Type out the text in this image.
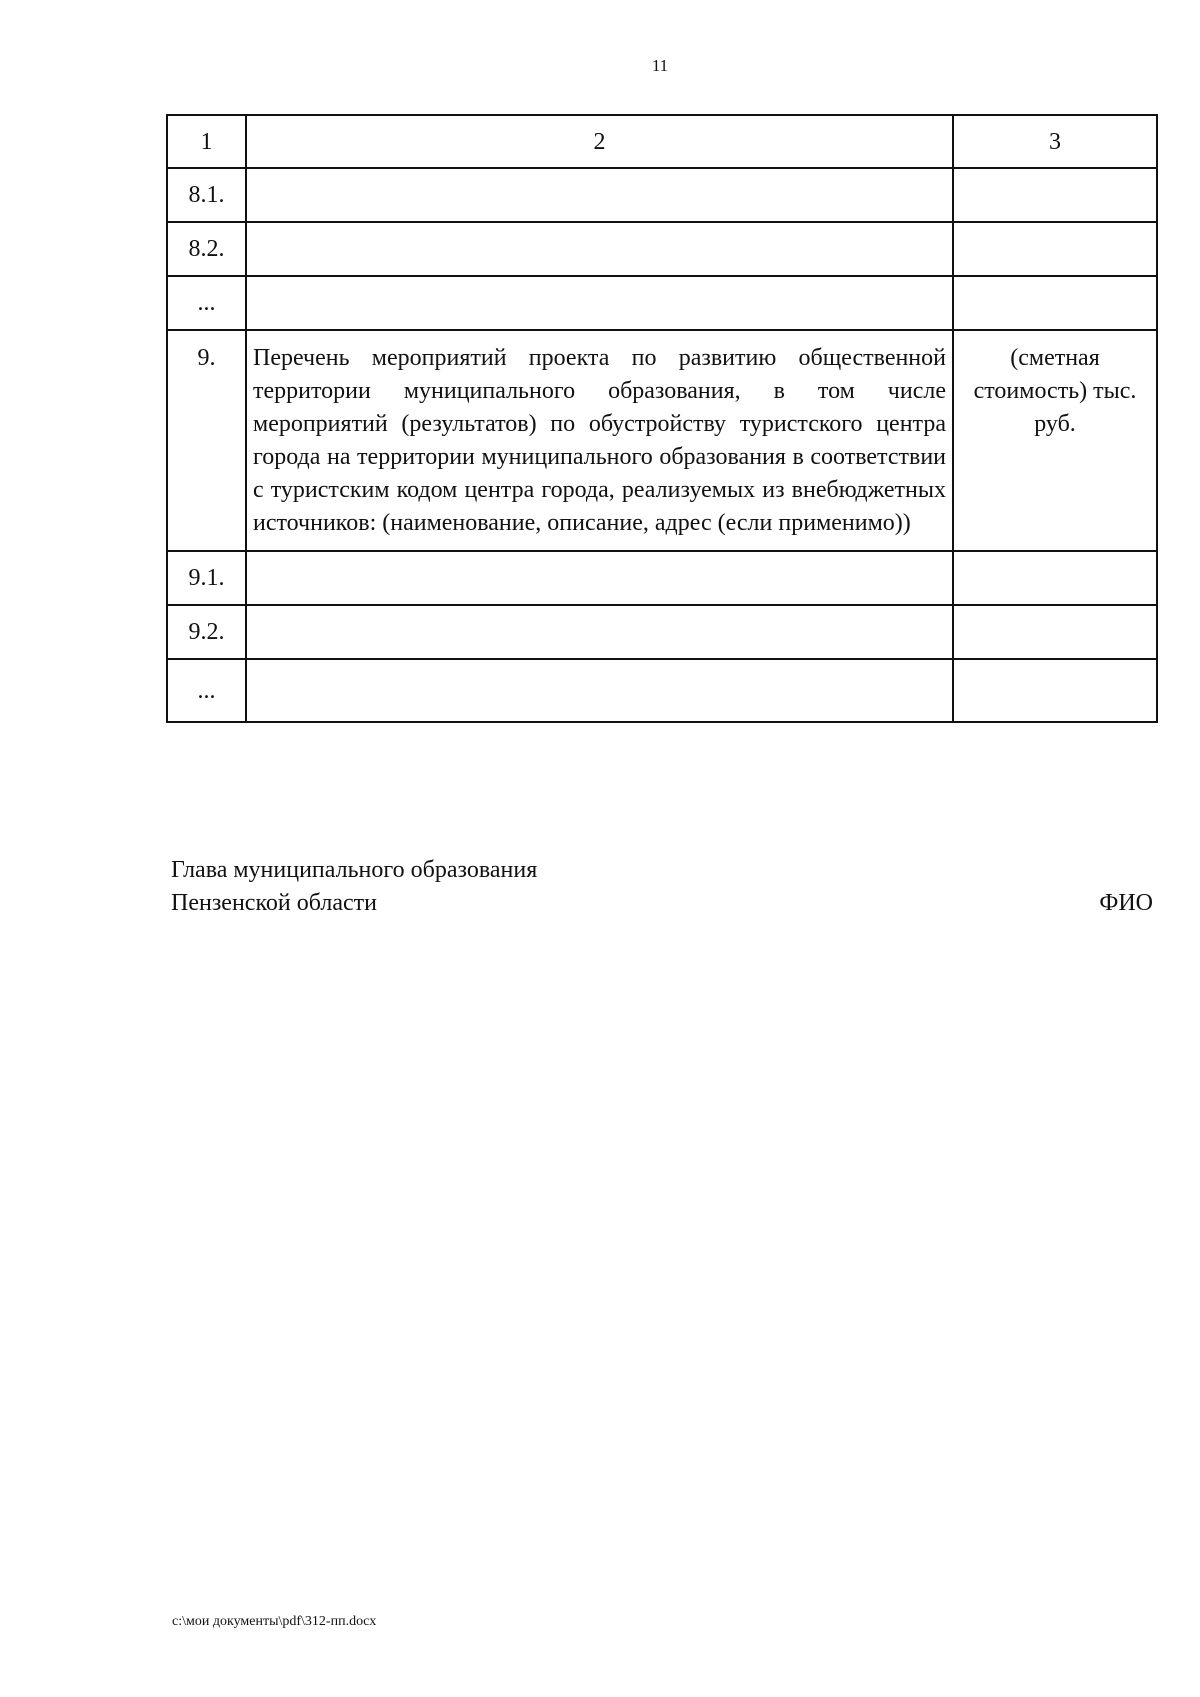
11
1	2	3
8.1.		
8.2.		
...		
9.	Перечень мероприятий проекта по развитию общественной территории муниципального образования, в том числе мероприятий (результатов) по обустройству туристского центра города на территории муниципального образования в соответствии с туристским кодом центра города, реализуемых из внебюджетных источников: (наименование, описание, адрес (если применимо))	(сметная стоимость) тыс. руб.
9.1.		
9.2.		
...		
Глава муниципального образования
Пензенской области	ФИО
c:\мои документы\pdf\312-пп.docx
